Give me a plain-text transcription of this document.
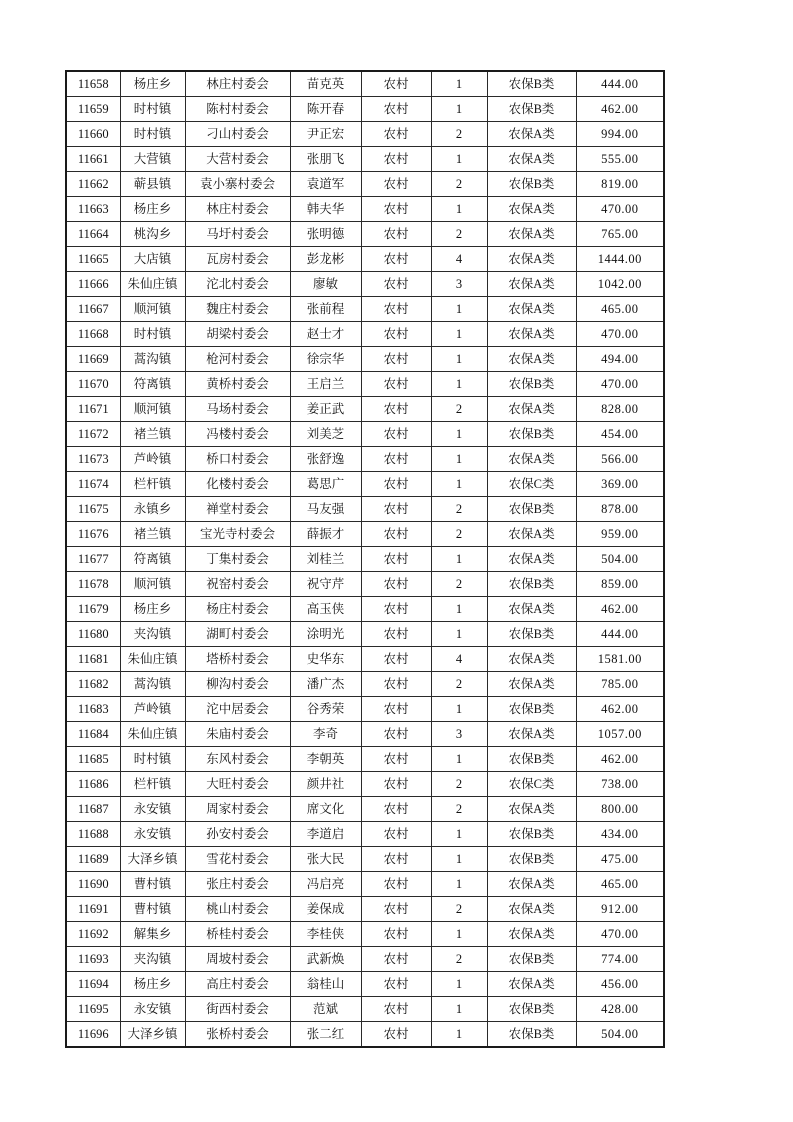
11658	杨庄乡	林庄村委会	苗克英	农村	1	农保B类	444.00
11659	时村镇	陈村村委会	陈开春	农村	1	农保B类	462.00
11660	时村镇	刁山村委会	尹正宏	农村	2	农保A类	994.00
11661	大营镇	大营村委会	张朋飞	农村	1	农保A类	555.00
11662	蕲县镇	袁小寨村委会	袁道军	农村	2	农保B类	819.00
11663	杨庄乡	林庄村委会	韩夫华	农村	1	农保A类	470.00
11664	桃沟乡	马圩村委会	张明德	农村	2	农保A类	765.00
11665	大店镇	瓦房村委会	彭龙彬	农村	4	农保A类	1444.00
11666	朱仙庄镇	沱北村委会	廖敏	农村	3	农保A类	1042.00
11667	顺河镇	魏庄村委会	张前程	农村	1	农保A类	465.00
11668	时村镇	胡梁村委会	赵士才	农村	1	农保A类	470.00
11669	蒿沟镇	枪河村委会	徐宗华	农村	1	农保A类	494.00
11670	符离镇	黄桥村委会	王启兰	农村	1	农保B类	470.00
11671	顺河镇	马场村委会	姜正武	农村	2	农保A类	828.00
11672	褚兰镇	冯楼村委会	刘美芝	农村	1	农保B类	454.00
11673	芦岭镇	桥口村委会	张舒逸	农村	1	农保A类	566.00
11674	栏杆镇	化楼村委会	葛思广	农村	1	农保C类	369.00
11675	永镇乡	禅堂村委会	马友强	农村	2	农保B类	878.00
11676	褚兰镇	宝光寺村委会	薛振才	农村	2	农保A类	959.00
11677	符离镇	丁集村委会	刘桂兰	农村	1	农保A类	504.00
11678	顺河镇	祝窑村委会	祝守芹	农村	2	农保B类	859.00
11679	杨庄乡	杨庄村委会	高玉侠	农村	1	农保A类	462.00
11680	夹沟镇	湖町村委会	涂明光	农村	1	农保B类	444.00
11681	朱仙庄镇	塔桥村委会	史华东	农村	4	农保A类	1581.00
11682	蒿沟镇	柳沟村委会	潘广杰	农村	2	农保A类	785.00
11683	芦岭镇	沱中居委会	谷秀荣	农村	1	农保B类	462.00
11684	朱仙庄镇	朱庙村委会	李奇	农村	3	农保A类	1057.00
11685	时村镇	东风村委会	李朝英	农村	1	农保B类	462.00
11686	栏杆镇	大旺村委会	颜井社	农村	2	农保C类	738.00
11687	永安镇	周家村委会	席文化	农村	2	农保A类	800.00
11688	永安镇	孙安村委会	李道启	农村	1	农保B类	434.00
11689	大泽乡镇	雪花村委会	张大民	农村	1	农保B类	475.00
11690	曹村镇	张庄村委会	冯启亮	农村	1	农保A类	465.00
11691	曹村镇	桃山村委会	姜保成	农村	2	农保A类	912.00
11692	解集乡	桥桂村委会	李桂侠	农村	1	农保A类	470.00
11693	夹沟镇	周坡村委会	武新焕	农村	2	农保B类	774.00
11694	杨庄乡	高庄村委会	翁桂山	农村	1	农保A类	456.00
11695	永安镇	街西村委会	范斌	农村	1	农保B类	428.00
11696	大泽乡镇	张桥村委会	张二红	农村	1	农保B类	504.00
